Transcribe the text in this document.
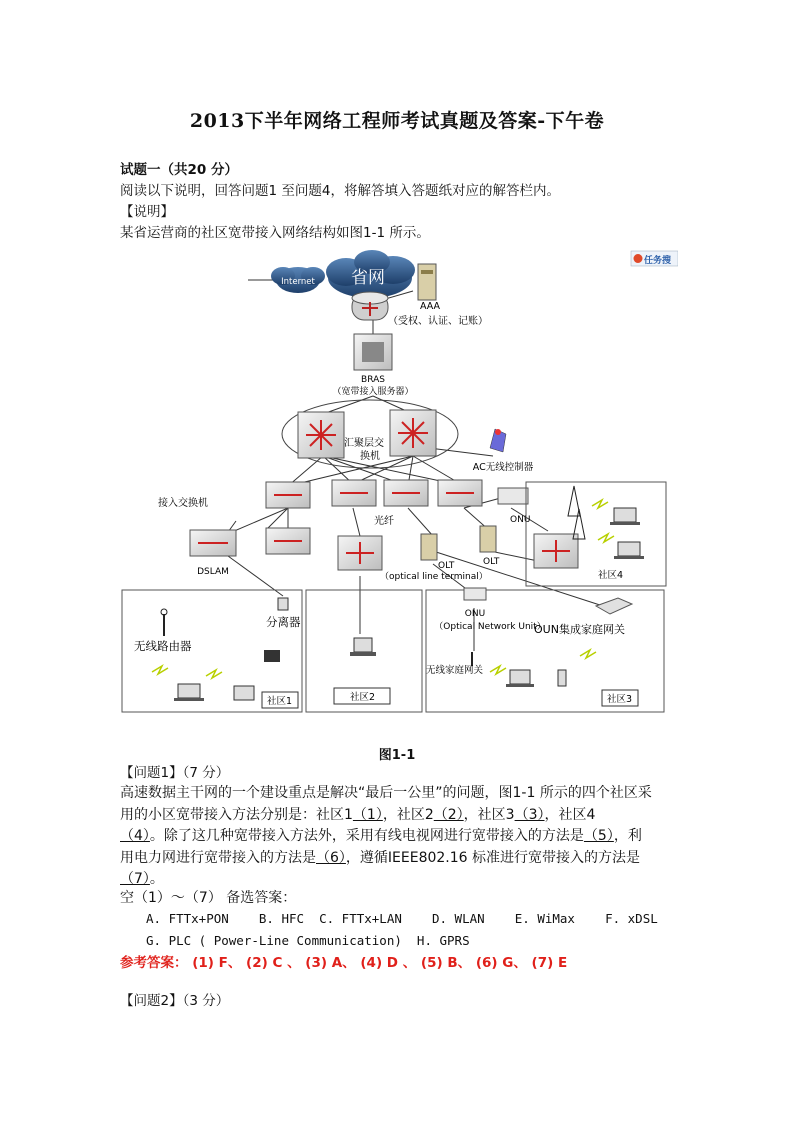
2013下半年网络工程师考试真题及答案-下午卷
试题一（共20 分）
阅读以下说明，回答问题1 至问题4，将解答填入答题纸对应的解答栏内。
【说明】
某省运营商的社区宽带接入网络结构如图1-1 所示。
任务搜
Internet 省网
AAA
（受权、认证、记账）
BRAS
（宽带接入服务器）
汇聚层交
换机
AC无线控制器
接入交换机
光纤	ONU
DSLAM
OLT
（optical line terminal）
OLT
社区4
无线路由器
分离器
社区1	社区2
ONU
（Optical Network Unit）
OUN集成家庭网关
无线家庭网关
社区3
图1-1
【问题1】（7 分）
高速数据主干网的一个建设重点是解决“最后一公里”的问题，图1-1 所示的四个社区采
用的小区宽带接入方法分别是：社区1（1），社区2（2），社区3（3），社区4
（4）。除了这几种宽带接入方法外，采用有线电视网进行宽带接入的方法是（5），利
用电力网进行宽带接入的方法是（6），遵循IEEE802.16 标准进行宽带接入的方法是
（7）。
空（1）～（7） 备选答案：
A. FTTx+PON    B. HFC  C. FTTx+LAN    D. WLAN    E. WiMax    F. xDSL
G. PLC ( Power-Line Communication)  H. GPRS
参考答案： (1) F、 (2) C 、 (3) A、 (4) D 、 (5) B、 (6) G、 (7) E
【问题2】（3 分）
